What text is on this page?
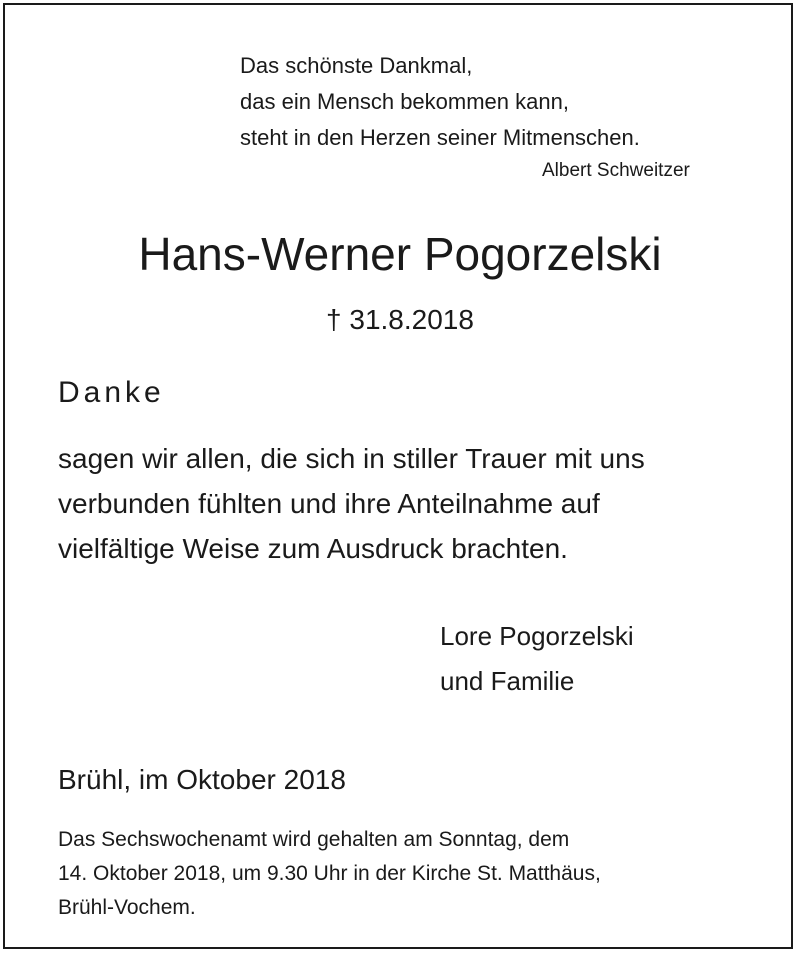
Das schönste Dankmal,
das ein Mensch bekommen kann,
steht in den Herzen seiner Mitmenschen.
Albert Schweitzer
Hans-Werner Pogorzelski
† 31.8.2018
Danke
sagen wir allen, die sich in stiller Trauer mit uns
verbunden fühlten und ihre Anteilnahme auf
vielfältige Weise zum Ausdruck brachten.
Lore Pogorzelski
und Familie
Brühl, im Oktober 2018
Das Sechswochenamt wird gehalten am Sonntag, dem
14. Oktober 2018, um 9.30 Uhr in der Kirche St. Matthäus,
Brühl-Vochem.
